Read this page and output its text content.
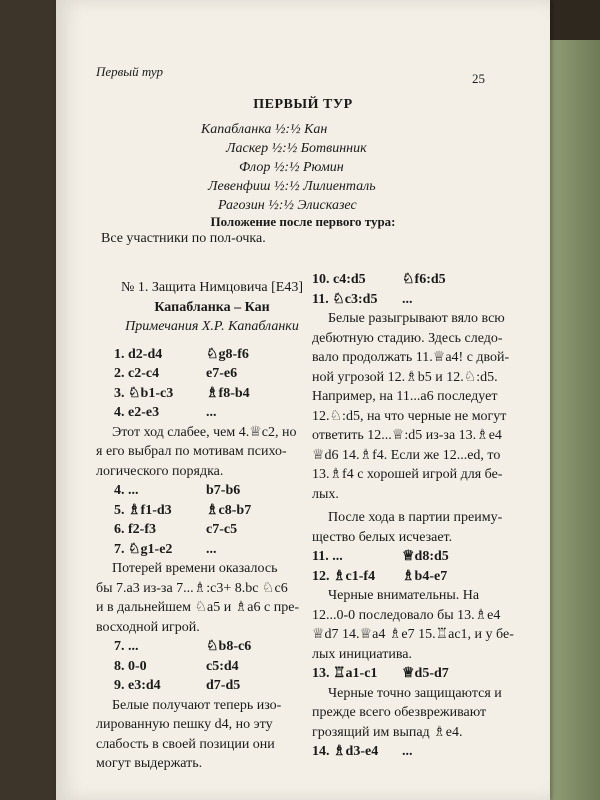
Первый тур	25
ПЕРВЫЙ ТУР
Капабланка ½:½ Кан
Ласкер ½:½ Ботвинник
Флор ½:½ Рюмин
Левенфиш ½:½ Лилиенталь
Рагозин ½:½ Элисказес
Положение после первого тура:
Все участники по пол-очка.
№ 1. Защита Нимцовича [E43]
Капабланка – Кан
Примечания Х.Р. Капабланки
1. d2-d4	♘g8-f6
2. c2-c4	e7-e6
3. ♘b1-c3	♗f8-b4
4. e2-e3	...
Этот ход слабее, чем 4.♕c2, но
я его выбрал по мотивам психо-
логического порядка.
4. ...	b7-b6
5. ♗f1-d3	♗c8-b7
6. f2-f3	c7-c5
7. ♘g1-e2	...
Потерей времени оказалось
бы 7.a3 из-за 7...♗:c3+ 8.bc ♘c6
и в дальнейшем ♘a5 и ♗a6 с пре-
восходной игрой.
7. ...	♘b8-c6
8. 0-0	c5:d4
9. e3:d4	d7-d5
Белые получают теперь изо-
лированную пешку d4, но эту
слабость в своей позиции они
могут выдержать.
10. c4:d5	♘f6:d5
11. ♘c3:d5	...
Белые разыгрывают вяло всю
дебютную стадию. Здесь следо-
вало продолжать 11.♕a4! с двой-
ной угрозой 12.♗b5 и 12.♘:d5.
Например, на 11...a6 последует
12.♘:d5, на что черные не могут
ответить 12...♕:d5 из-за 13.♗e4
♕d6 14.♗f4. Если же 12...ed, то
13.♗f4 с хорошей игрой для бе-
лых.
После хода в партии преиму-
щество белых исчезает.
11. ...	♕d8:d5
12. ♗c1-f4	♗b4-e7
Черные внимательны. На
12...0-0 последовало бы 13.♗e4
♕d7 14.♕a4 ♗e7 15.♖ac1, и у бе-
лых инициатива.
13. ♖a1-c1	♕d5-d7
Черные точно защищаются и
прежде всего обезвреживают
грозящий им выпад ♗e4.
14. ♗d3-e4	...
